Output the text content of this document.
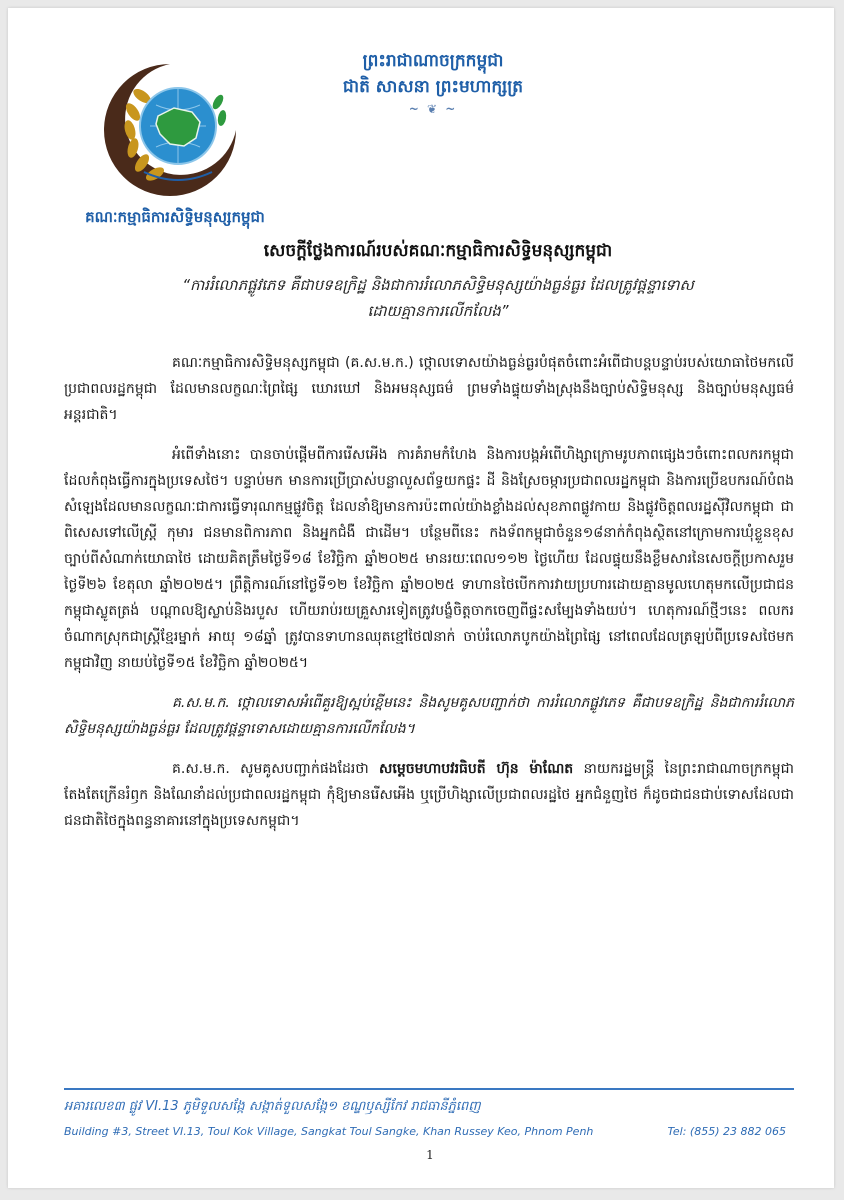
ព្រះរាជាណាចក្រកម្ពុជា
ជាតិ សាសនា ព្រះមហាក្សត្រ
~ ❦ ~
គណៈកម្មាធិការសិទ្ធិមនុស្សកម្ពុជា
សេចក្តីថ្លែងការណ៍របស់គណៈកម្មាធិការសិទ្ធិមនុស្សកម្ពុជា
“ការរំលោភផ្លូវភេទ គឺជាបទឧក្រិដ្ឋ និងជាការរំលោភសិទ្ធិមនុស្សយ៉ាងធ្ងន់ធ្ងរ ដែលត្រូវផ្តន្ទាទោស
ដោយគ្មានការលើកលែង”

គណៈកម្មាធិការសិទ្ធិមនុស្សកម្ពុជា (គ.ស.ម.ក.) ថ្កោលទោសយ៉ាងធ្ងន់ធ្ងរបំផុតចំពោះអំពើជាបន្តបន្ទាប់របស់យោធាថៃមកលើប្រជាពលរដ្ឋកម្ពុជា ដែលមានលក្ខណៈព្រៃផ្សៃ ឃោរឃៅ និងអមនុស្សធម៌ ព្រមទាំងផ្ទុយទាំងស្រុងនឹងច្បាប់សិទ្ធិមនុស្ស និងច្បាប់មនុស្សធម៌អន្តរជាតិ។

អំពើទាំងនោះ បានចាប់ផ្តើមពីការរើសអើង ការគំរាមកំហែង និងការបង្កអំពើហិង្សាក្រោមរូបភាពផ្សេងៗចំពោះពលករកម្ពុជា ដែលកំពុងធ្វើការក្នុងប្រទេសថៃ។ បន្ទាប់មក មានការប្រើប្រាស់បន្លាលួសព័ទ្ធយកផ្ទះ ដី និងស្រែចម្ការប្រជាពលរដ្ឋកម្ពុជា និងការប្រើឧបករណ៍បំពងសំឡេងដែលមានលក្ខណៈជាការធ្វើទារុណកម្មផ្លូវចិត្ត ដែលនាំឱ្យមានការប៉ះពាល់យ៉ាងខ្លាំងដល់សុខភាពផ្លូវកាយ និងផ្លូវចិត្តពលរដ្ឋស៊ីវិលកម្ពុជា ជាពិសេសទៅលើស្ត្រី កុមារ ជនមានពិការភាព និងអ្នកជំងឺ ជាដើម។ បន្ថែមពីនេះ កងទ័ពកម្ពុជាចំនួន១៨នាក់កំពុងស្ថិតនៅក្រោមការឃុំខ្លួនខុសច្បាប់ពីសំណាក់យោធាថៃ ដោយគិតត្រឹមថ្ងៃទី១៨ ខែវិច្ឆិកា ឆ្នាំ២០២៥ មានរយៈពេល១១២ ថ្ងៃហើយ ដែលផ្ទុយនឹងខ្លឹមសារនៃសេចក្តីប្រកាសរួម ថ្ងៃទី២៦ ខែតុលា ឆ្នាំ២០២៥។ ព្រឹត្តិការណ៍នៅថ្ងៃទី១២ ខែវិច្ឆិកា ឆ្នាំ២០២៥ ទាហានថៃបើកការវាយប្រហារដោយគ្មានមូលហេតុមកលើប្រជាជនកម្ពុជាស្លូតត្រង់ បណ្តាលឱ្យស្លាប់និងរបួស ហើយរាប់រយគ្រួសារទៀតត្រូវបង្ខំចិត្តចាកចេញពីផ្ទះសម្បែងទាំងយប់។ ហេតុការណ៍ថ្មីៗនេះ ពលករចំណាកស្រុកជាស្ត្រីខ្មែរម្នាក់ អាយុ ១៨ឆ្នាំ ត្រូវបានទាហានឈុតខ្មៅថៃ៧នាក់ ចាប់រំលោភបូកយ៉ាងព្រៃផ្សៃ នៅពេលដែលត្រឡប់ពីប្រទេសថៃមកកម្ពុជាវិញ នាយប់ថ្ងៃទី១៥ ខែវិច្ឆិកា ឆ្នាំ២០២៥។

គ.ស.ម.ក. ថ្កោលទោសអំពើគួរឱ្យស្អប់ខ្ពើមនេះ និងសូមគូសបញ្ជាក់ថា ការរំលោភផ្លូវភេទ គឺជាបទឧក្រិដ្ឋ និងជាការរំលោភសិទ្ធិមនុស្សយ៉ាងធ្ងន់ធ្ងរ ដែលត្រូវផ្តន្ទាទោសដោយគ្មានការលើកលែង។

គ.ស.ម.ក. សូមគូសបញ្ជាក់ផងដែរថា សម្តេចមហាបវរធិបតី ហ៊ុន ម៉ាណែត នាយករដ្ឋមន្ត្រី នៃព្រះរាជាណាចក្រកម្ពុជា តែងតែក្រើនរំឭក និងណែនាំដល់ប្រជាពលរដ្ឋកម្ពុជា កុំឱ្យមានរើសអើង ឬប្រើហិង្សាលើប្រជាពលរដ្ឋថៃ អ្នកជំនួញថៃ ក៏ដូចជាជនជាប់ទោសដែលជាជនជាតិថៃក្នុងពន្ធនាគារនៅក្នុងប្រទេសកម្ពុជា។

អគារលេខ៣ ផ្លូវ VI.13 ភូមិទួលសង្កែ សង្កាត់ទួលសង្កែ១ ខណ្ឌឫស្សីកែវ រាជធានីភ្នំពេញ
Building #3, Street VI.13, Toul Kok Village, Sangkat Toul Sangke, Khan Russey Keo, Phnom Penh	Tel: (855) 23 882 065
1
